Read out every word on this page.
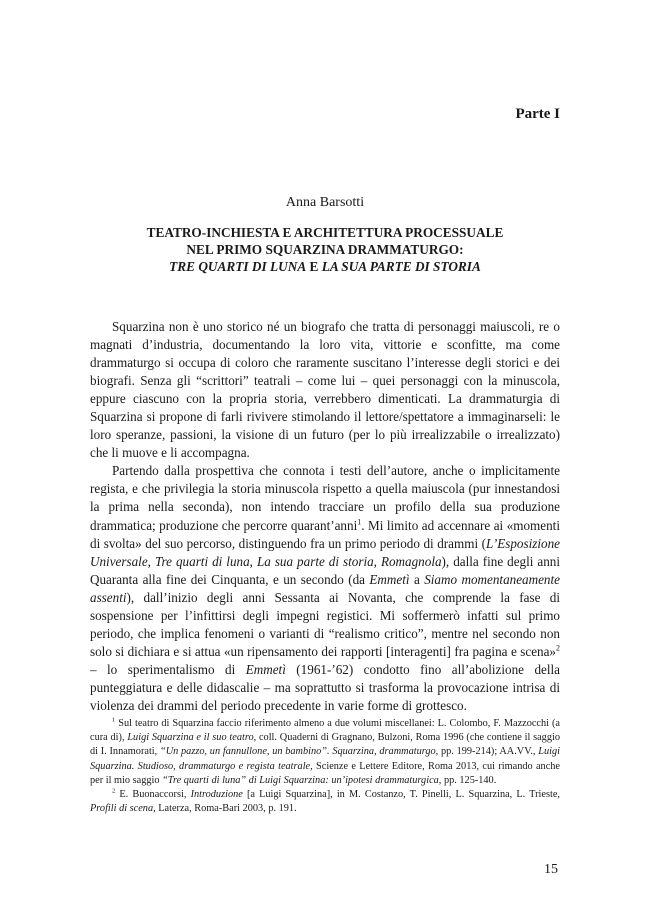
Parte I
Anna Barsotti
TEATRO-INCHIESTA E ARCHITETTURA PROCESSUALE
NEL PRIMO SQUARZINA DRAMMATURGO:
TRE QUARTI DI LUNA E LA SUA PARTE DI STORIA

Squarzina non è uno storico né un biografo che tratta di personaggi maiuscoli, re o magnati d’industria, documentando la loro vita, vittorie e sconfitte, ma come drammaturgo si occupa di coloro che raramente suscitano l’interesse degli storici e dei biografi. Senza gli “scrittori” teatrali – come lui – quei personaggi con la minuscola, eppure ciascuno con la propria storia, verrebbero dimenticati. La drammaturgia di Squarzina si propone di farli rivivere stimolando il lettore/spettatore a immaginarseli: le loro speranze, passioni, la visione di un futuro (per lo più irrealizzabile o irrealizzato) che li muove e li accompagna.

Partendo dalla prospettiva che connota i testi dell’autore, anche o implicitamente regista, e che privilegia la storia minuscola rispetto a quella maiuscola (pur innestandosi la prima nella seconda), non intendo tracciare un profilo della sua produzione drammatica; produzione che percorre quarant’anni$^1$. Mi limito ad accennare ai «momenti di svolta» del suo percorso, distinguendo fra un primo periodo di drammi (L’Esposizione Universale, Tre quarti di luna, La sua parte di storia, Romagnola), dalla fine degli anni Quaranta alla fine dei Cinquanta, e un secondo (da Emmetì a Siamo momentaneamente assenti), dall’inizio degli anni Sessanta ai Novanta, che comprende la fase di sospensione per l’infittirsi degli impegni registici. Mi soffermerò infatti sul primo periodo, che implica fenomeni o varianti di “realismo critico”, mentre nel secondo non solo si dichiara e si attua «un ripensamento dei rapporti [interagenti] fra pagina e scena»$^2$ – lo sperimentalismo di Emmetì (1961-’62) condotto fino all’abolizione della punteggiatura e delle didascalie – ma soprattutto si trasforma la provocazione intrisa di violenza dei drammi del periodo precedente in varie forme di grottesco.

$^1$ Sul teatro di Squarzina faccio riferimento almeno a due volumi miscellanei: L. Colombo, F. Mazzocchi (a cura di), Luigi Squarzina e il suo teatro, coll. Quaderni di Gragnano, Bulzoni, Roma 1996 (che contiene il saggio di I. Innamorati, “Un pazzo, un fannullone, un bambino”. Squarzina, drammaturgo, pp. 199-214); AA.VV., Luigi Squarzina. Studioso, drammaturgo e regista teatrale, Scienze e Lettere Editore, Roma 2013, cui rimando anche per il mio saggio “Tre quarti di luna” di Luigi Squarzina: un’ipotesi drammaturgica, pp. 125-140.

$^2$ E. Buonaccorsi, Introduzione [a Luigi Squarzina], in M. Costanzo, T. Pinelli, L. Squarzina, L. Trieste, Profili di scena, Laterza, Roma-Bari 2003, p. 191.

15
